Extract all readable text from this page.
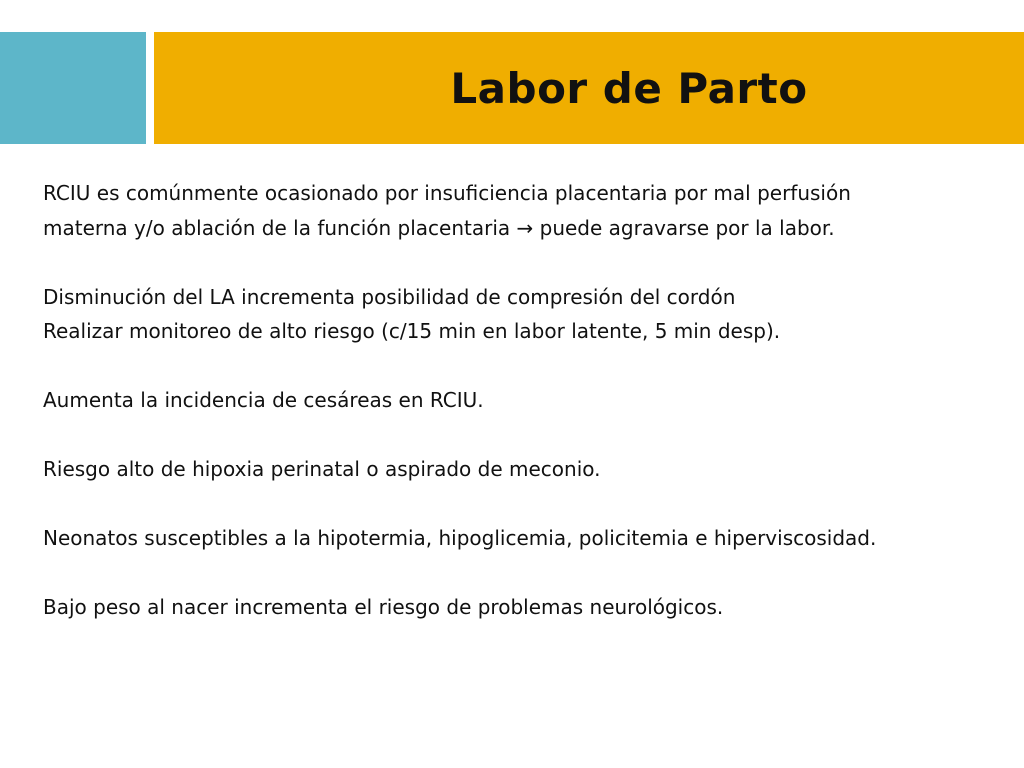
Labor de Parto

RCIU es comúnmente ocasionado por insuficiencia placentaria por mal perfusión
materna y/o ablación de la función placentaria → puede agravarse por la labor.

Disminución del LA incrementa posibilidad de compresión del cordón
Realizar monitoreo de alto riesgo (c/15 min en labor latente, 5 min desp).

Aumenta la incidencia de cesáreas en RCIU.

Riesgo alto de hipoxia perinatal o aspirado de meconio.

Neonatos susceptibles a la hipotermia, hipoglicemia, policitemia e hiperviscosidad.

Bajo peso al nacer incrementa el riesgo de problemas neurológicos.
